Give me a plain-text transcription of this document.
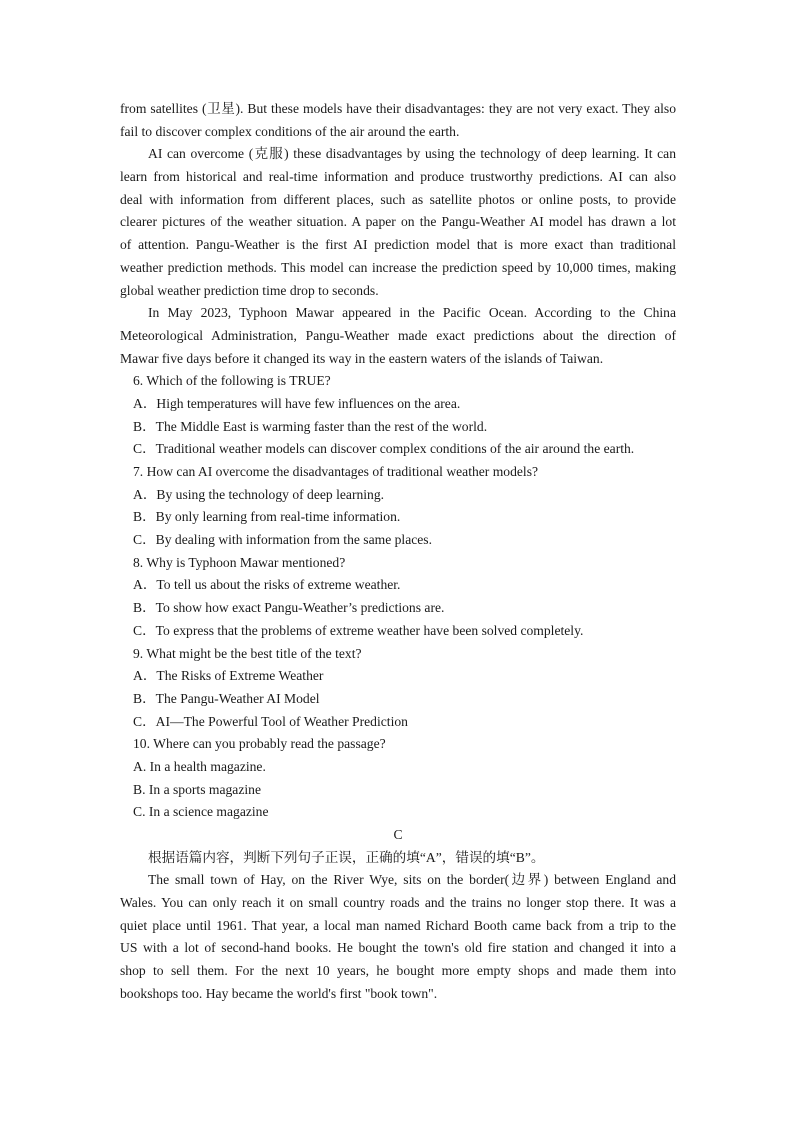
from satellites (卫星). But these models have their disadvantages: they are not very exact. They also
fail to discover complex conditions of the air around the earth.
AI can overcome (克服) these disadvantages by using the technology of deep learning. It can
learn from historical and real-time information and produce trustworthy predictions. AI can also
deal with information from different places, such as satellite photos or online posts, to provide
clearer pictures of the weather situation. A paper on the Pangu-Weather AI model has drawn a lot
of attention. Pangu-Weather is the first AI prediction model that is more exact than traditional
weather prediction methods. This model can increase the prediction speed by 10,000 times, making
global weather prediction time drop to seconds.
In May 2023, Typhoon Mawar appeared in the Pacific Ocean. According to the China
Meteorological Administration, Pangu-Weather made exact predictions about the direction of
Mawar five days before it changed its way in the eastern waters of the islands of Taiwan.
6. Which of the following is TRUE?
A．High temperatures will have few influences on the area.
B．The Middle East is warming faster than the rest of the world.
C．Traditional weather models can discover complex conditions of the air around the earth.
7. How can AI overcome the disadvantages of traditional weather models?
A．By using the technology of deep learning.
B．By only learning from real-time information.
C．By dealing with information from the same places.
8. Why is Typhoon Mawar mentioned?
A．To tell us about the risks of extreme weather.
B．To show how exact Pangu-Weather’s predictions are.
C．To express that the problems of extreme weather have been solved completely.
9. What might be the best title of the text?
A．The Risks of Extreme Weather
B．The Pangu-Weather AI Model
C．AI—The Powerful Tool of Weather Prediction
10. Where can you probably read the passage?
A. In a health magazine.
B. In a sports magazine
C. In a science magazine
C
根据语篇内容，判断下列句子正误，正确的填“A”，错误的填“B”。
The small town of Hay, on the River Wye, sits on the border(边界) between England and
Wales. You can only reach it on small country roads and the trains no longer stop there. It was a
quiet place until 1961. That year, a local man named Richard Booth came back from a trip to the
US with a lot of second-hand books. He bought the town's old fire station and changed it into a
shop to sell them. For the next 10 years, he bought more empty shops and made them into
bookshops too. Hay became the world's first "book town".
